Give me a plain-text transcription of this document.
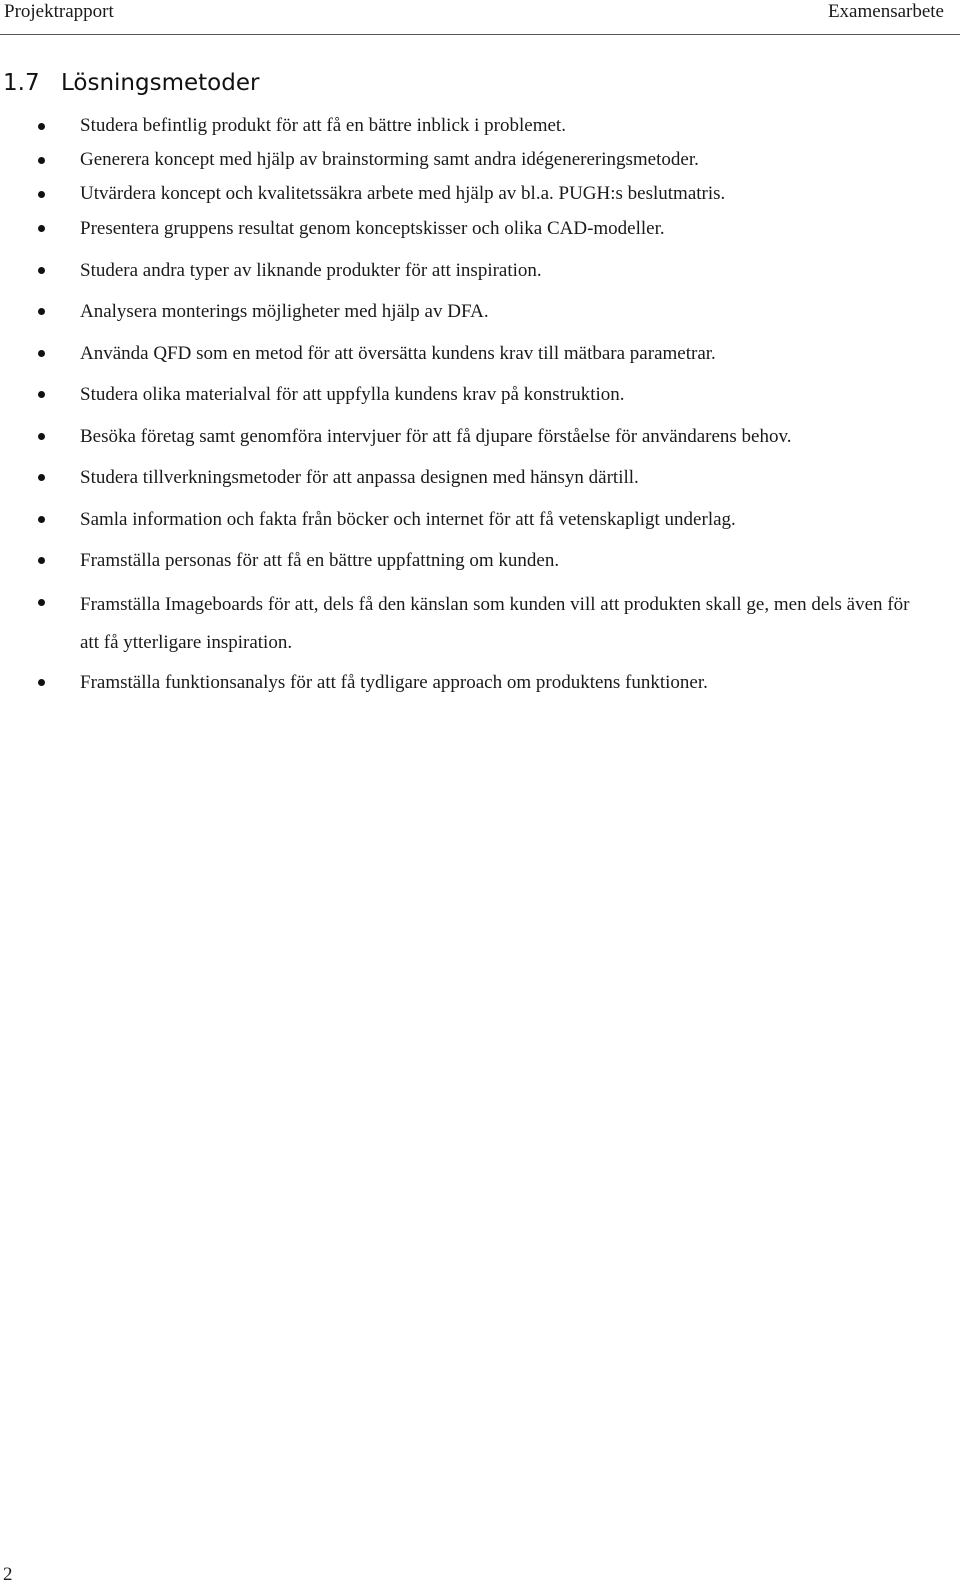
Projektrapport	Examensarbete
1.7 Lösningsmetoder
Studera befintlig produkt för att få en bättre inblick i problemet.
Generera koncept med hjälp av brainstorming samt andra idégenereringsmetoder.
Utvärdera koncept och kvalitetssäkra arbete med hjälp av bl.a. PUGH:s beslutmatris.
Presentera gruppens resultat genom konceptskisser och olika CAD-modeller.
Studera andra typer av liknande produkter för att inspiration.
Analysera monterings möjligheter med hjälp av DFA.
Använda QFD som en metod för att översätta kundens krav till mätbara parametrar.
Studera olika materialval för att uppfylla kundens krav på konstruktion.
Besöka företag samt genomföra intervjuer för att få djupare förståelse för användarens behov.
Studera tillverkningsmetoder för att anpassa designen med hänsyn därtill.
Samla information och fakta från böcker och internet för att få vetenskapligt underlag.
Framställa personas för att få en bättre uppfattning om kunden.
Framställa Imageboards för att, dels få den känslan som kunden vill att produkten skall ge, men dels även för att få ytterligare inspiration.
Framställa funktionsanalys för att få tydligare approach om produktens funktioner.
2
